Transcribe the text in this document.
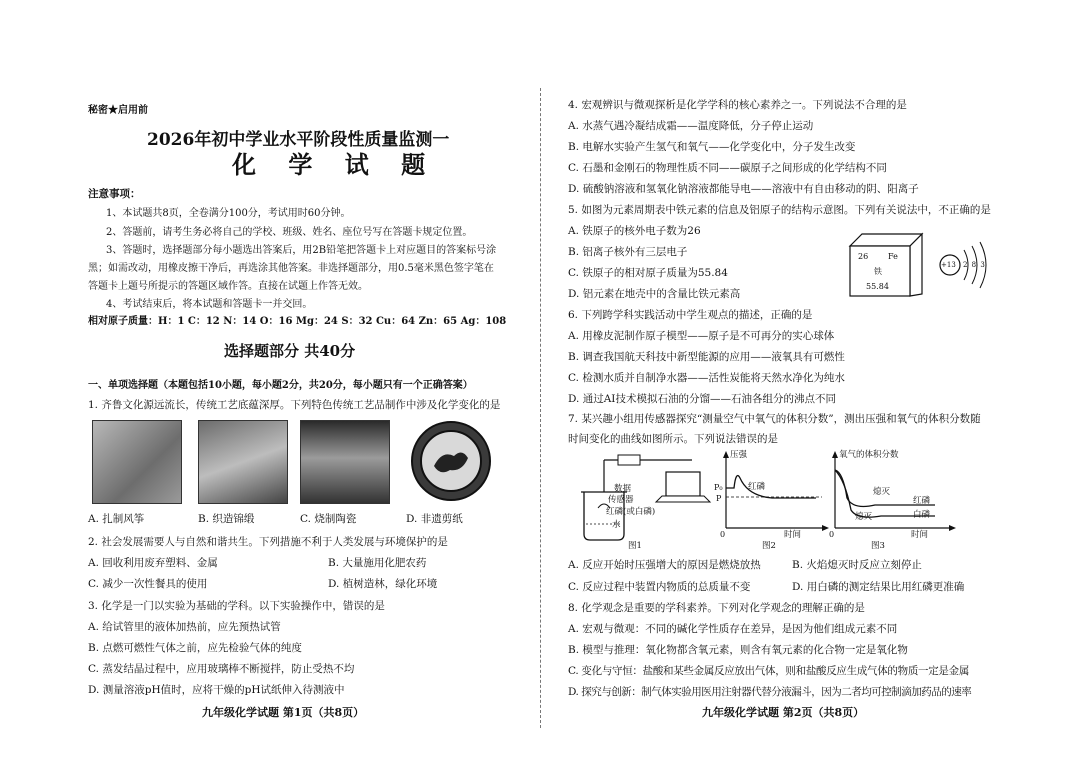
秘密★启用前
2026年初中学业水平阶段性质量监测一
化 学 试 题
注意事项：
1、本试题共8页，全卷满分100分，考试用时60分钟。
2、答题前，请考生务必将自己的学校、班级、姓名、座位号写在答题卡规定位置。
3、答题时，选择题部分每小题选出答案后，用2B铅笔把答题卡上对应题目的答案标号涂
黑；如需改动，用橡皮擦干净后，再选涂其他答案。非选择题部分，用0.5毫米黑色签字笔在
答题卡上题号所提示的答题区域作答。直接在试题上作答无效。
4、考试结束后，将本试题和答题卡一并交回。
相对原子质量：H：1 C：12 N：14 O：16 Mg：24 S：32 Cu：64 Zn：65 Ag：108
选择题部分 共40分
一、单项选择题（本题包括10小题，每小题2分，共20分，每小题只有一个正确答案）
1. 齐鲁文化源远流长，传统工艺底蕴深厚。下列特色传统工艺品制作中涉及化学变化的是
A. 扎制风筝	B. 织造锦缎	C. 烧制陶瓷	D. 非遗剪纸
2. 社会发展需要人与自然和谐共生。下列措施不利于人类发展与环境保护的是
A. 回收利用废弃塑料、金属	B. 大量施用化肥农药
C. 减少一次性餐具的使用	D. 植树造林，绿化环境
3. 化学是一门以实验为基础的学科。以下实验操作中，错误的是
A. 给试管里的液体加热前，应先预热试管
B. 点燃可燃性气体之前，应先检验气体的纯度
C. 蒸发结晶过程中，应用玻璃棒不断搅拌，防止受热不均
D. 测量溶液pH值时，应将干燥的pH试纸伸入待测液中
九年级化学试题 第1页（共8页）
4. 宏观辨识与微观探析是化学学科的核心素养之一。下列说法不合理的是
A. 水蒸气遇冷凝结成霜——温度降低，分子停止运动
B. 电解水实验产生氢气和氧气——化学变化中，分子发生改变
C. 石墨和金刚石的物理性质不同——碳原子之间形成的化学结构不同
D. 硫酸钠溶液和氢氧化钠溶液都能导电——溶液中有自由移动的阴、阳离子
5. 如图为元素周期表中铁元素的信息及铝原子的结构示意图。下列有关说法中，不正确的是
A. 铁原子的核外电子数为26
B. 铝离子核外有三层电子
C. 铁原子的相对原子质量为55.84
D. 铝元素在地壳中的含量比铁元素高
26 Fe
铁
55.84
+13 2 8 3
6. 下列跨学科实践活动中学生观点的描述，正确的是
A. 用橡皮泥制作原子模型——原子是不可再分的实心球体
B. 调查我国航天科技中新型能源的应用——液氧具有可燃性
C. 检测水质并自制净水器——活性炭能将天然水净化为纯水
D. 通过AI技术模拟石油的分馏——石油各组分的沸点不同
7. 某兴趣小组用传感器探究“测量空气中氧气的体积分数”，测出压强和氧气的体积分数随
时间变化的曲线如图所示。下列说法错误的是
数据
传感器
红磷(或白磷)
水
图1
压强
P₀
P
红磷
0	时间
图2
氧气的体积分数
熄灭
红磷
熄灭	白磷
0	时间
图3
A. 反应开始时压强增大的原因是燃烧放热	B. 火焰熄灭时反应立刻停止
C. 反应过程中装置内物质的总质量不变	D. 用白磷的测定结果比用红磷更准确
8. 化学观念是重要的学科素养。下列对化学观念的理解正确的是
A. 宏观与微观：不同的碱化学性质存在差异，是因为他们组成元素不同
B. 模型与推理：氧化物都含氧元素，则含有氧元素的化合物一定是氧化物
C. 变化与守恒：盐酸和某些金属反应放出气体，则和盐酸反应生成气体的物质一定是金属
D. 探究与创新：制气体实验用医用注射器代替分液漏斗，因为二者均可控制滴加药品的速率
九年级化学试题 第2页（共8页）
